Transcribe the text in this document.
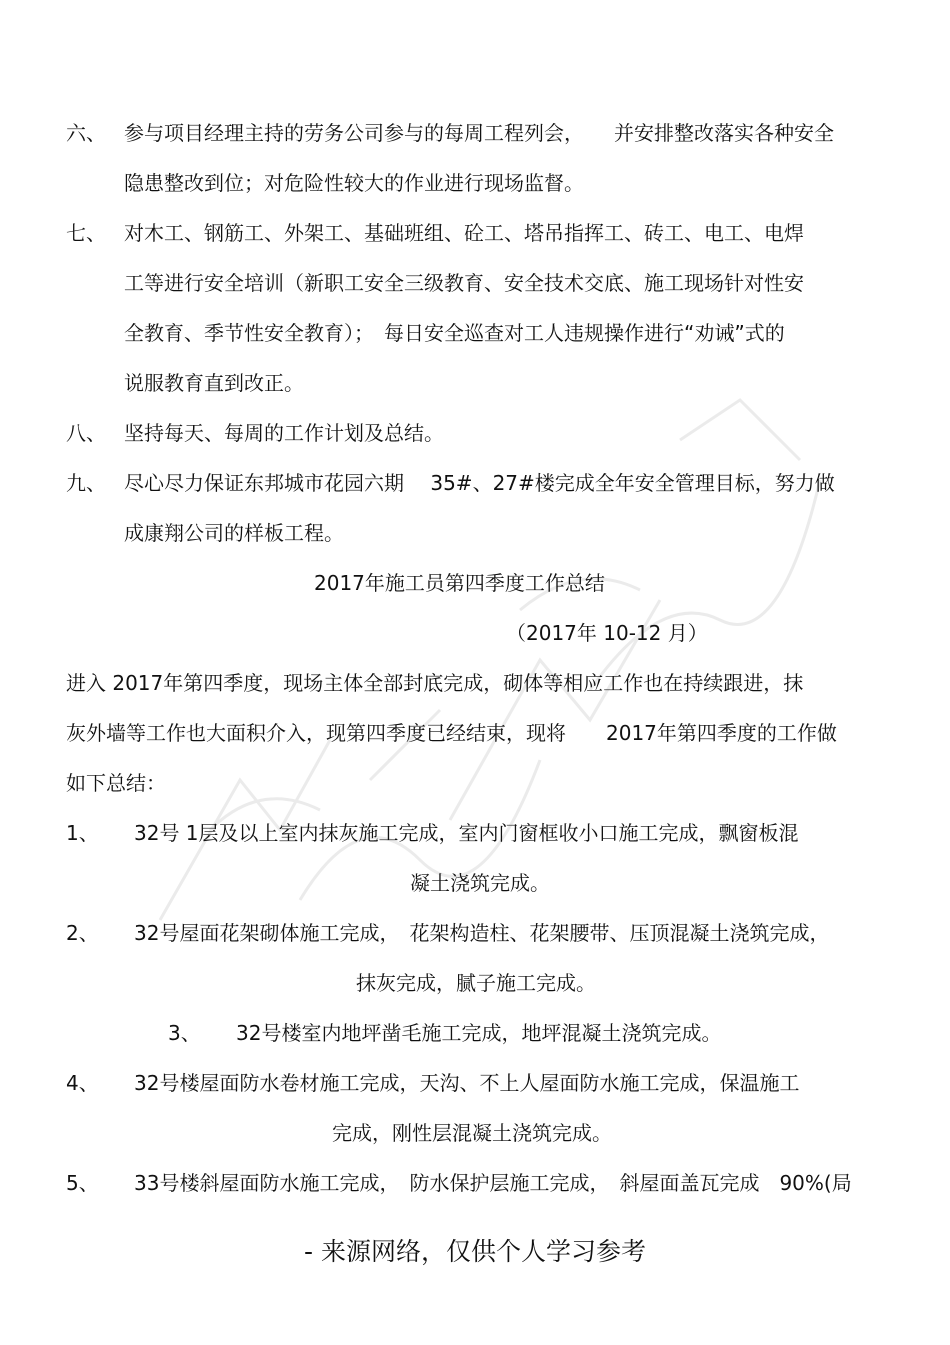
六、 参与项目经理主持的劳务公司参与的每周工程列会，　　并安排整改落实各种安全
隐患整改到位；对危险性较大的作业进行现场监督。
七、 对木工、钢筋工、外架工、基础班组、砼工、塔吊指挥工、砖工、电工、电焊
工等进行安全培训（新职工安全三级教育、安全技术交底、施工现场针对性安
全教育、季节性安全教育）；　每日安全巡查对工人违规操作进行“劝诫”式的
说服教育直到改正。
八、 坚持每天、每周的工作计划及总结。
九、 尽心尽力保证东邦城市花园六期　 35#、27#楼完成全年安全管理目标，努力做
成康翔公司的样板工程。
2017年施工员第四季度工作总结
（2017年 10-12 月）
进入 2017年第四季度，现场主体全部封底完成，砌体等相应工作也在持续跟进，抹
灰外墙等工作也大面积介入，现第四季度已经结束，现将　　2017年第四季度的工作做
如下总结：
1、 32号 1层及以上室内抹灰施工完成，室内门窗框收小口施工完成，飘窗板混
凝土浇筑完成。
2、 32号屋面花架砌体施工完成，　花架构造柱、花架腰带、压顶混凝土浇筑完成，
抹灰完成，腻子施工完成。
3、 32号楼室内地坪凿毛施工完成，地坪混凝土浇筑完成。
4、 32号楼屋面防水卷材施工完成，天沟、不上人屋面防水施工完成，保温施工
完成，刚性层混凝土浇筑完成。
5、 33号楼斜屋面防水施工完成，　防水保护层施工完成，　斜屋面盖瓦完成　90%(局
- 来源网络，仅供个人学习参考
